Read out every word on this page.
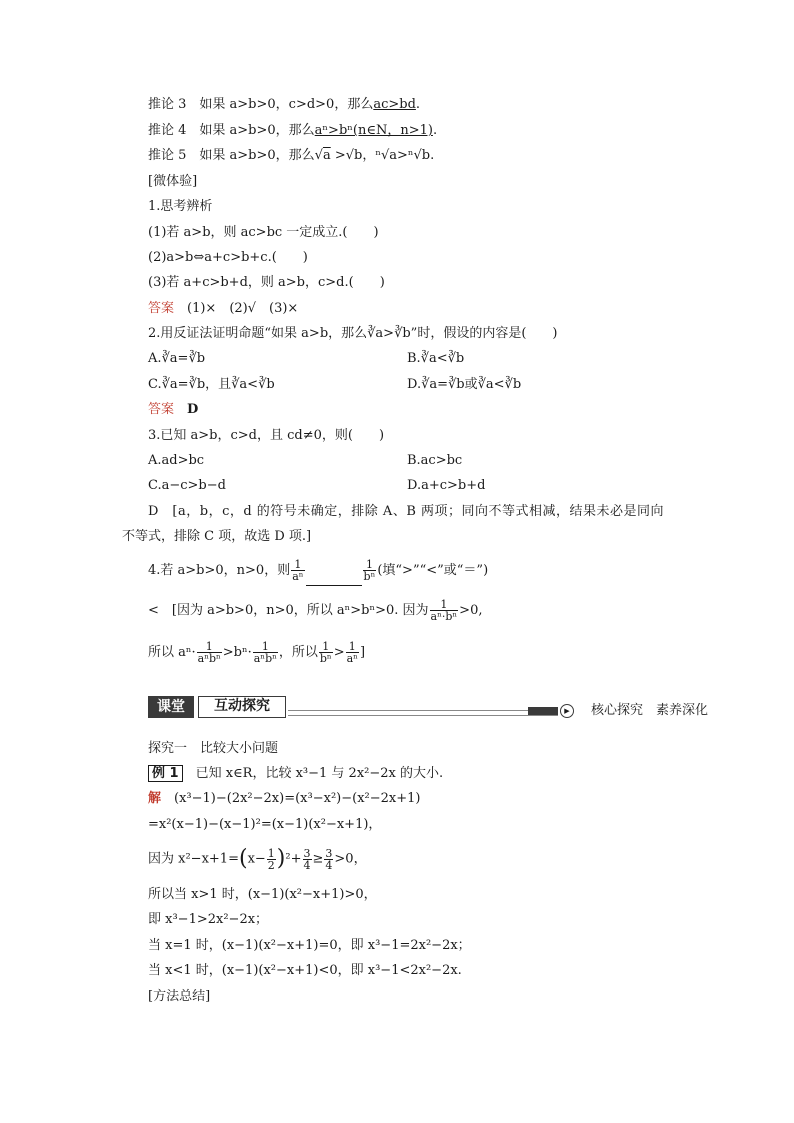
推论 3　如果 a>b>0，c>d>0，那么ac>bd.
推论 4　如果 a>b>0，那么aⁿ>bⁿ(n∈N，n>1).
推论 5　如果 a>b>0，那么√a >√b，ⁿ√a>ⁿ√b.
[微体验]
1.思考辨析
(1)若 a>b，则 ac>bc 一定成立.(　　)
(2)a>b⇔a+c>b+c.(　　)
(3)若 a+c>b+d，则 a>b，c>d.(　　)
答案　(1)×　(2)√　(3)×
2.用反证法证明命题“如果 a>b，那么∛a>∛b”时，假设的内容是(　　)
A.∛a=∛b	B.∛a<∛b
C.∛a=∛b，且∛a<∛b	D.∛a=∛b或∛a<∛b
答案　D
3.已知 a>b，c>d，且 cd≠0，则(　　)
A.ad>bc	B.ac>bc
C.a−c>b−d	D.a+c>b+d
D　[a，b，c，d 的符号未确定，排除 A、B 两项；同向不等式相减，结果未必是同向
不等式，排除 C 项，故选 D 项.]
4.若 a>b>0，n>0，则 $\frac{1}{\text{aⁿ}}$	$\frac{1}{\text{bⁿ}}$ (填“>”“<”或“＝”)
<　[因为 a>b>0，n>0，所以 aⁿ>bⁿ>0. 因为 $\frac{1}{\text{aⁿ·bⁿ}} >0$,
所以 $a^n\cdot \frac{1}{\text{aⁿbⁿ}} >b^n\cdot \frac{1}{\text{aⁿbⁿ}}$ ，所以 $\frac{1}{\text{bⁿ}} > \frac{1}{\text{aⁿ}}$ ]
课堂	互动探究	▶	核心探究　素养深化
探究一　比较大小问题
例 1　已知 x∈R，比较 x³−1 与 2x²−2x 的大小.
解　(x³−1)−(2x²−2x)=(x³−x²)−(x²−2x+1)
=x²(x−1)−(x−1)²=(x−1)(x²−x+1)，
因为 $x^2-x+1=(x- \frac{1}{2} )^2+ \frac{3}{4} \ge \frac{3}{4} >0$，
所以当 x>1 时，(x−1)(x²−x+1)>0，
即 x³−1>2x²−2x；
当 x=1 时，(x−1)(x²−x+1)=0，即 x³−1=2x²−2x；
当 x<1 时，(x−1)(x²−x+1)<0，即 x³−1<2x²−2x.
[方法总结]
